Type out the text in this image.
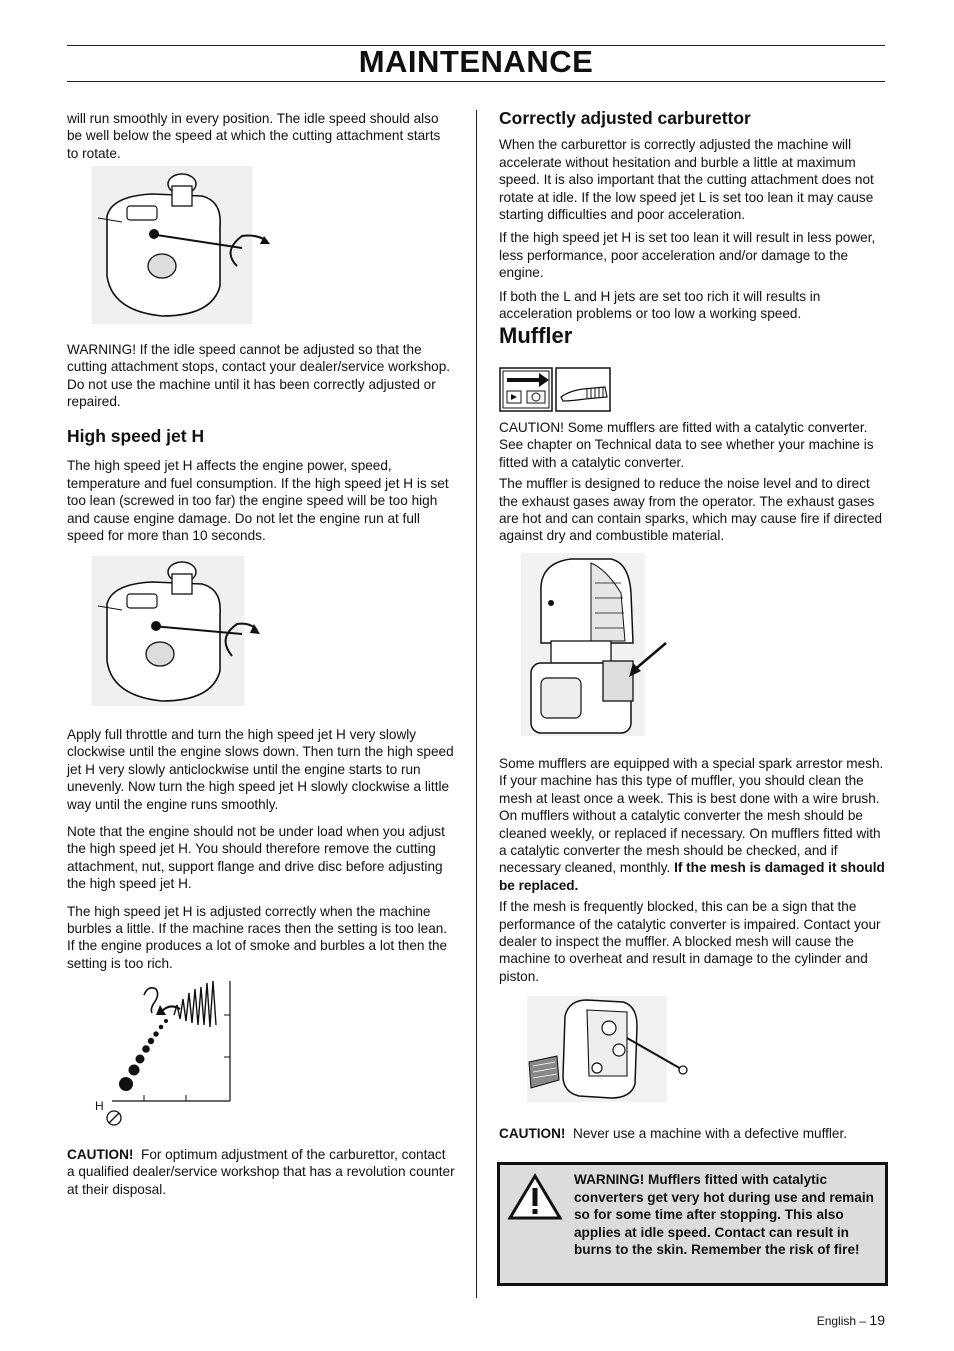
MAINTENANCE

will run smoothly in every position. The idle speed should also be well below the speed at which the cutting attachment starts to rotate.

WARNING! If the idle speed cannot be adjusted so that the cutting attachment stops, contact your dealer/service workshop. Do not use the machine until it has been correctly adjusted or repaired.

High speed jet H

The high speed jet H affects the engine power, speed, temperature and fuel consumption. If the high speed jet H is set too lean (screwed in too far) the engine speed will be too high and cause engine damage. Do not let the engine run at full speed for more than 10 seconds.

Apply full throttle and turn the high speed jet H very slowly clockwise until the engine slows down. Then turn the high speed jet H very slowly anticlockwise until the engine starts to run unevenly. Now turn the high speed jet H slowly clockwise a little way until the engine runs smoothly.

Note that the engine should not be under load when you adjust the high speed jet H. You should therefore remove the cutting attachment, nut, support flange and drive disc before adjusting the high speed jet H.

The high speed jet H is adjusted correctly when the machine burbles a little. If the machine races then the setting is too lean. If the engine produces a lot of smoke and burbles a lot then the setting is too rich.

H

CAUTION! For optimum adjustment of the carburettor, contact a qualified dealer/service workshop that has a revolution counter at their disposal.

Correctly adjusted carburettor

When the carburettor is correctly adjusted the machine will accelerate without hesitation and burble a little at maximum speed. It is also important that the cutting attachment does not rotate at idle. If the low speed jet L is set too lean it may cause starting difficulties and poor acceleration.

If the high speed jet H is set too lean it will result in less power, less performance, poor acceleration and/or damage to the engine.

If both the L and H jets are set too rich it will results in acceleration problems or too low a working speed.

Muffler

CAUTION! Some mufflers are fitted with a catalytic converter. See chapter on Technical data to see whether your machine is fitted with a catalytic converter.

The muffler is designed to reduce the noise level and to direct the exhaust gases away from the operator. The exhaust gases are hot and can contain sparks, which may cause fire if directed against dry and combustible material.

Some mufflers are equipped with a special spark arrestor mesh. If your machine has this type of muffler, you should clean the mesh at least once a week. This is best done with a wire brush. On mufflers without a catalytic converter the mesh should be cleaned weekly, or replaced if necessary. On mufflers fitted with a catalytic converter the mesh should be checked, and if necessary cleaned, monthly. If the mesh is damaged it should be replaced.

If the mesh is frequently blocked, this can be a sign that the performance of the catalytic converter is impaired. Contact your dealer to inspect the muffler. A blocked mesh will cause the machine to overheat and result in damage to the cylinder and piston.

CAUTION! Never use a machine with a defective muffler.

WARNING! Mufflers fitted with catalytic converters get very hot during use and remain so for some time after stopping. This also applies at idle speed. Contact can result in burns to the skin. Remember the risk of fire!
English – 19
